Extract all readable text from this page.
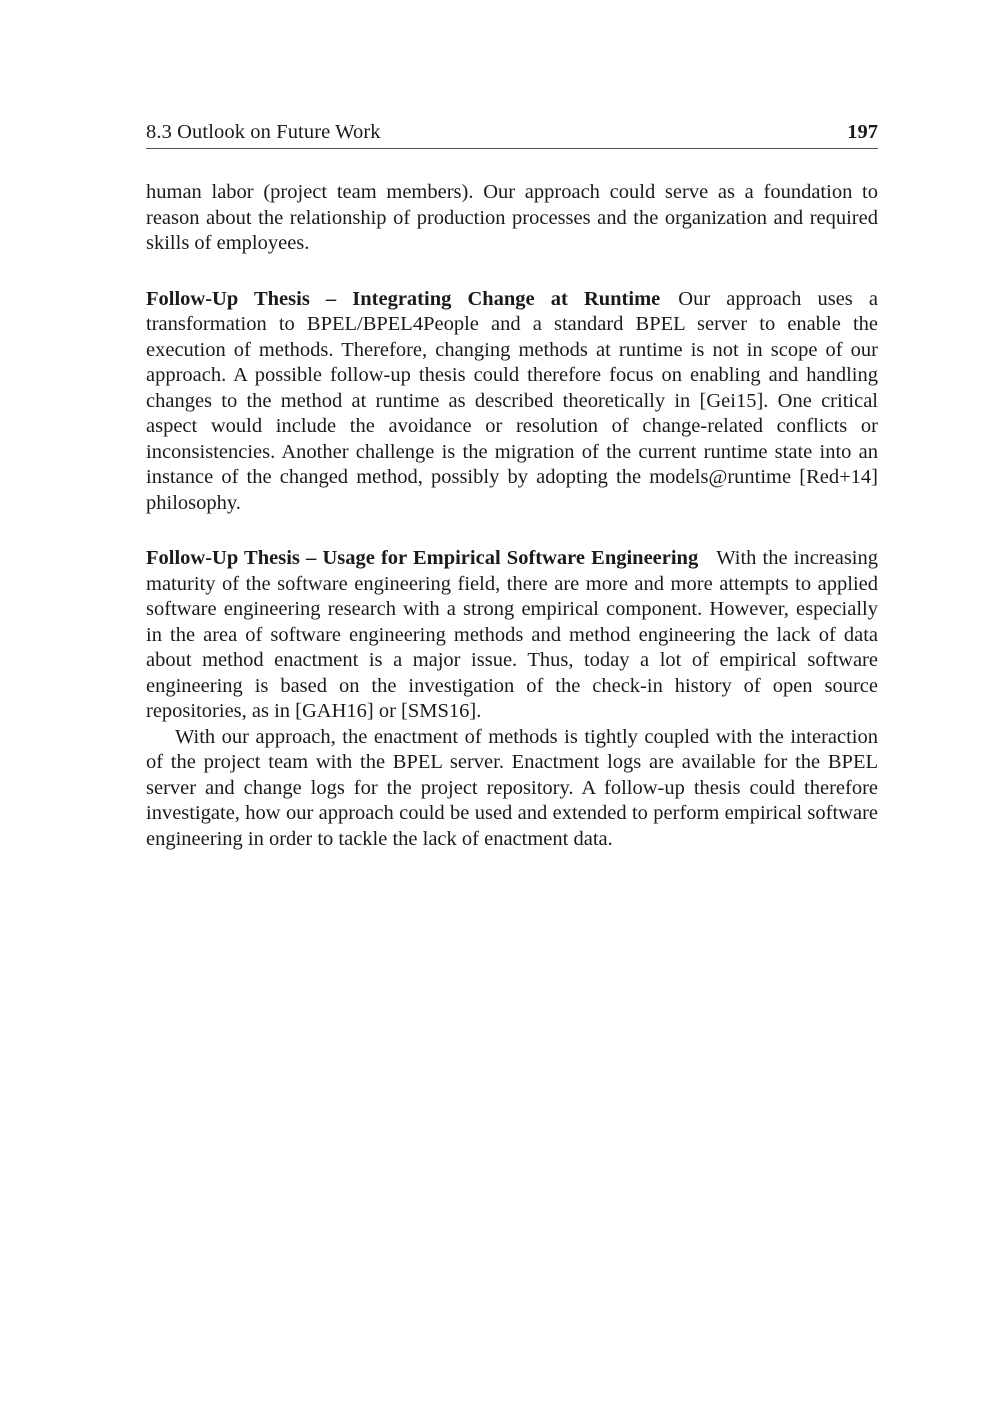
8.3 Outlook on Future Work	197

human labor (project team members). Our approach could serve as a foundation to reason about the relationship of production processes and the organization and required skills of employees.

Follow-Up Thesis – Integrating Change at Runtime Our approach uses a transformation to BPEL/BPEL4People and a standard BPEL server to enable the execution of methods. Therefore, changing methods at runtime is not in scope of our approach. A possible follow-up thesis could therefore focus on enabling and handling changes to the method at runtime as described theoretically in [Gei15]. One critical aspect would include the avoidance or resolution of change-related conflicts or inconsistencies. Another challenge is the migration of the current runtime state into an instance of the changed method, possibly by adopting the models@runtime [Red+14] philosophy.

Follow-Up Thesis – Usage for Empirical Software Engineering With the increasing maturity of the software engineering field, there are more and more attempts to applied software engineering research with a strong empirical component. However, especially in the area of software engineering methods and method engineering the lack of data about method enactment is a major issue. Thus, today a lot of empirical software engineering is based on the investigation of the check-in history of open source repositories, as in [GAH16] or [SMS16].

With our approach, the enactment of methods is tightly coupled with the interaction of the project team with the BPEL server. Enactment logs are available for the BPEL server and change logs for the project repository. A follow-up thesis could therefore investigate, how our approach could be used and extended to perform empirical software engineering in order to tackle the lack of enactment data.
